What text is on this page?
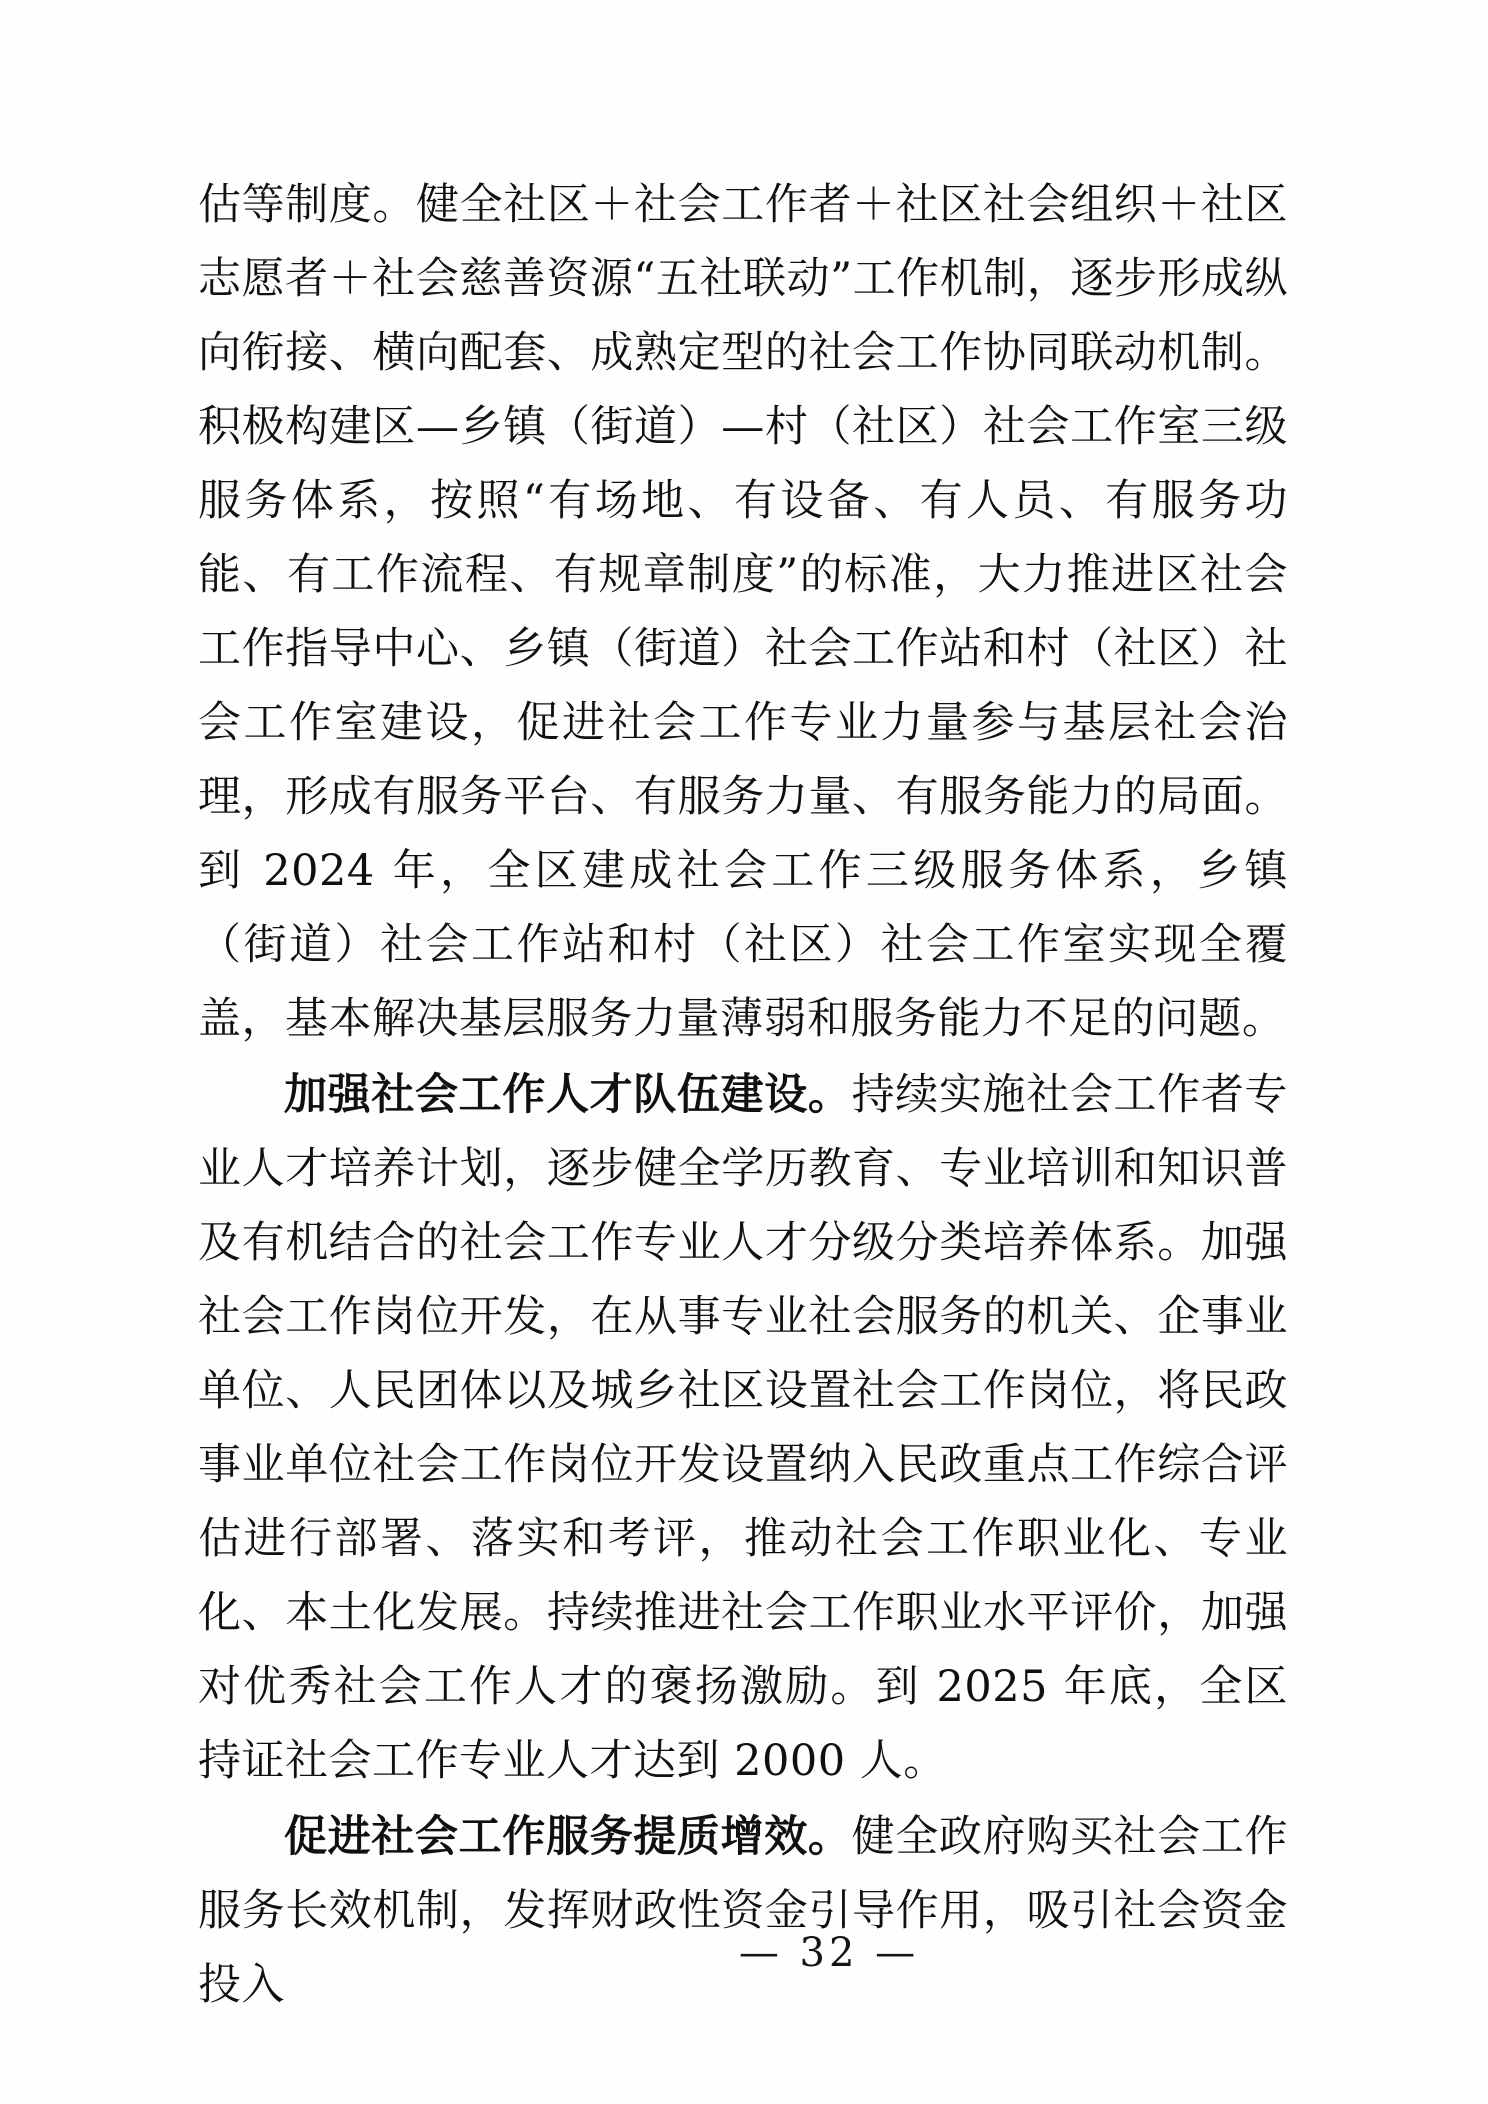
估等制度。健全社区＋社会工作者＋社区社会组织＋社区志愿者＋社会慈善资源“五社联动”工作机制，逐步形成纵向衔接、横向配套、成熟定型的社会工作协同联动机制。积极构建区—乡镇（街道）—村（社区）社会工作室三级服务体系，按照“有场地、有设备、有人员、有服务功能、有工作流程、有规章制度”的标准，大力推进区社会工作指导中心、乡镇（街道）社会工作站和村（社区）社会工作室建设，促进社会工作专业力量参与基层社会治理，形成有服务平台、有服务力量、有服务能力的局面。到 2024 年，全区建成社会工作三级服务体系，乡镇（街道）社会工作站和村（社区）社会工作室实现全覆盖，基本解决基层服务力量薄弱和服务能力不足的问题。

加强社会工作人才队伍建设。持续实施社会工作者专业人才培养计划，逐步健全学历教育、专业培训和知识普及有机结合的社会工作专业人才分级分类培养体系。加强社会工作岗位开发，在从事专业社会服务的机关、企事业单位、人民团体以及城乡社区设置社会工作岗位，将民政事业单位社会工作岗位开发设置纳入民政重点工作综合评估进行部署、落实和考评，推动社会工作职业化、专业化、本土化发展。持续推进社会工作职业水平评价，加强对优秀社会工作人才的褒扬激励。到 2025 年底，全区持证社会工作专业人才达到 2000 人。

促进社会工作服务提质增效。健全政府购买社会工作服务长效机制，发挥财政性资金引导作用，吸引社会资金投入

— 32 —
